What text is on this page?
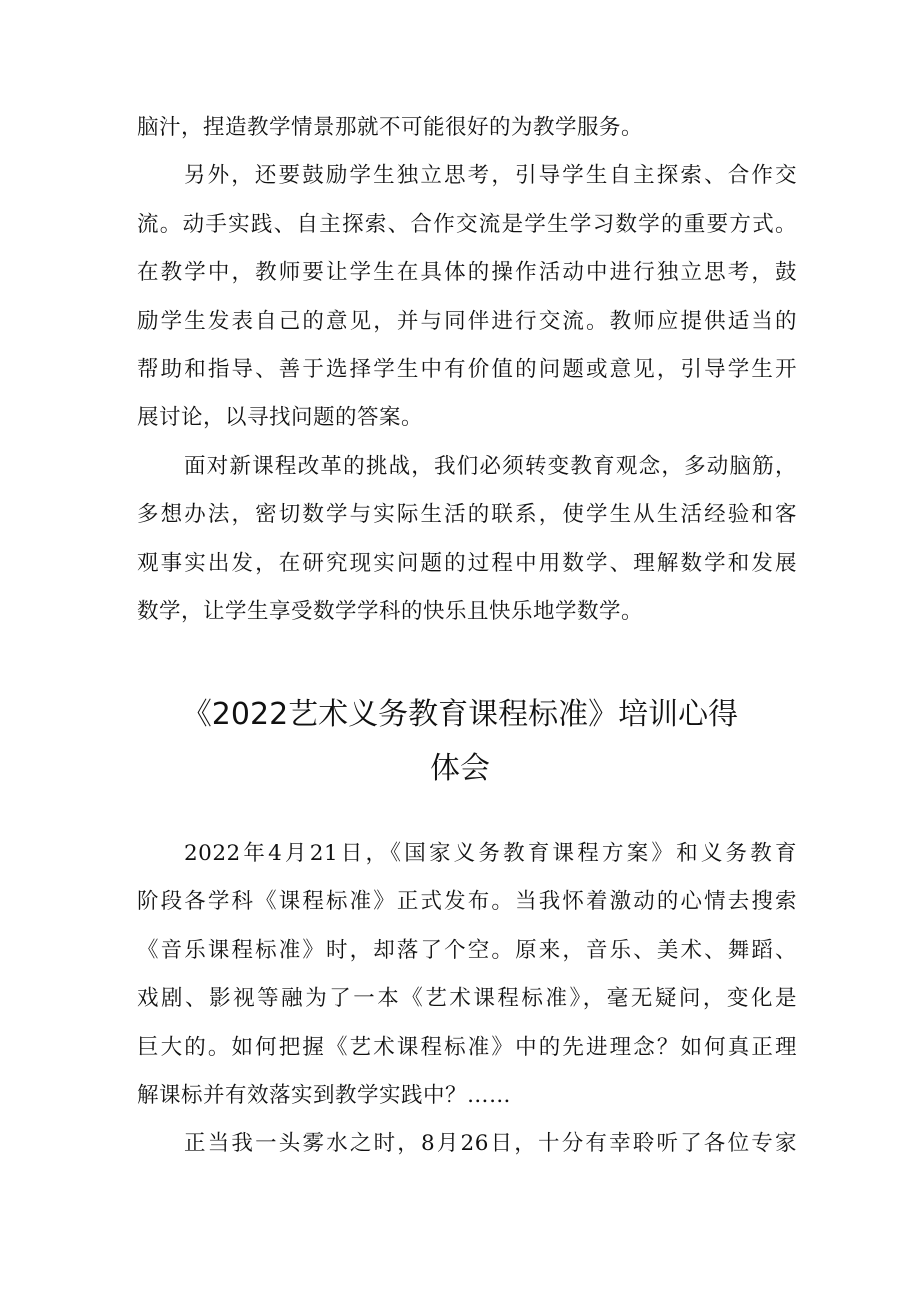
脑汁，捏造教学情景那就不可能很好的为教学服务。
另外，还要鼓励学生独立思考，引导学生自主探索、合作交
流。动手实践、自主探索、合作交流是学生学习数学的重要方式。
在教学中，教师要让学生在具体的操作活动中进行独立思考，鼓
励学生发表自己的意见，并与同伴进行交流。教师应提供适当的
帮助和指导、善于选择学生中有价值的问题或意见，引导学生开
展讨论，以寻找问题的答案。
面对新课程改革的挑战，我们必须转变教育观念，多动脑筋，
多想办法，密切数学与实际生活的联系，使学生从生活经验和客
观事实出发，在研究现实问题的过程中用数学、理解数学和发展
数学，让学生享受数学学科的快乐且快乐地学数学。
《2022艺术义务教育课程标准》培训心得
体会
2022年4月21日，《国家义务教育课程方案》和义务教育
阶段各学科《课程标准》正式发布。当我怀着激动的心情去搜索
《音乐课程标准》时，却落了个空。原来，音乐、美术、舞蹈、
戏剧、影视等融为了一本《艺术课程标准》，毫无疑问，变化是
巨大的。如何把握《艺术课程标准》中的先进理念？如何真正理
解课标并有效落实到教学实践中？……
正当我一头雾水之时，8月26日，十分有幸聆听了各位专家
